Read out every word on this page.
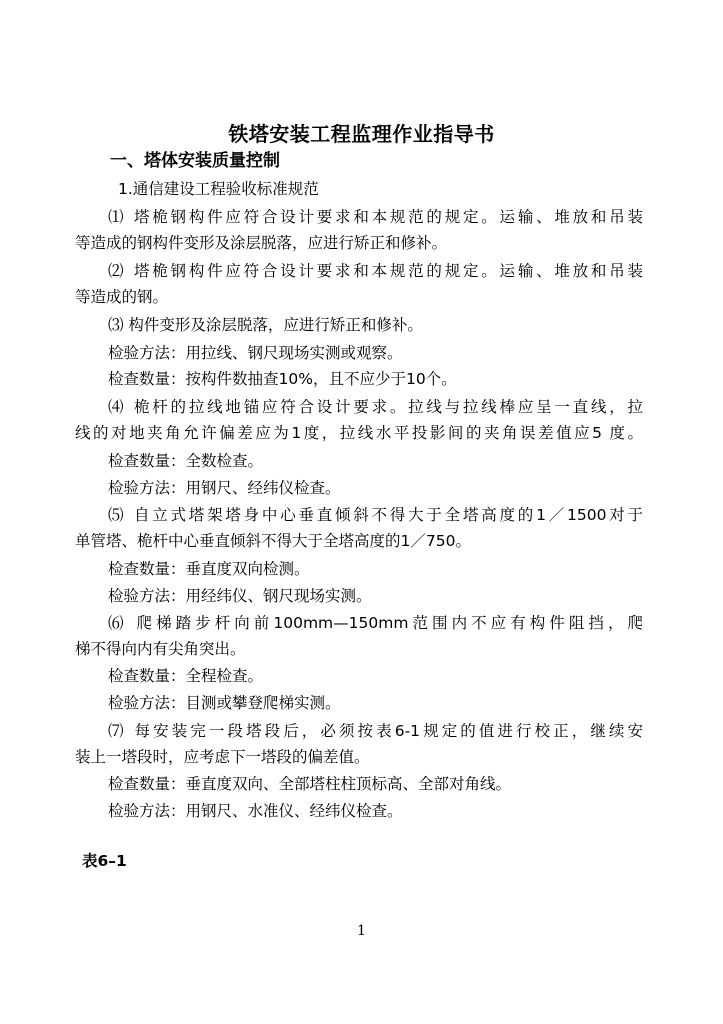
铁塔安装工程监理作业指导书
一、塔体安装质量控制
1.通信建设工程验收标准规范
⑴ 塔桅钢构件应符合设计要求和本规范的规定。运输、堆放和吊装
等造成的钢构件变形及涂层脱落，应进行矫正和修补。
⑵ 塔桅钢构件应符合设计要求和本规范的规定。运输、堆放和吊装
等造成的钢。
⑶ 构件变形及涂层脱落，应进行矫正和修补。
检验方法：用拉线、钢尺现场实测或观察。
检查数量：按构件数抽查10%，且不应少于10个。
⑷ 桅杆的拉线地锚应符合设计要求。拉线与拉线棒应呈一直线，拉
线的对地夹角允许偏差应为1度，拉线水平投影间的夹角误差值应5 度。
检查数量：全数检查。
检验方法：用钢尺、经纬仪检查。
⑸ 自立式塔架塔身中心垂直倾斜不得大于全塔高度的1／1500对于
单管塔、桅杆中心垂直倾斜不得大于全塔高度的1／750。
检查数量：垂直度双向检测。
检验方法：用经纬仪、钢尺现场实测。
⑹ 爬梯踏步杆向前100mm—150mm范围内不应有构件阻挡，爬
梯不得向内有尖角突出。
检查数量：全程检查。
检验方法：目测或攀登爬梯实测。
⑺ 每安装完一段塔段后，必须按表6-1规定的值进行校正，继续安
装上一塔段时，应考虑下一塔段的偏差值。
检查数量：垂直度双向、全部塔柱柱顶标高、全部对角线。
检验方法：用钢尺、水准仪、经纬仪检查。
表6–1
1
